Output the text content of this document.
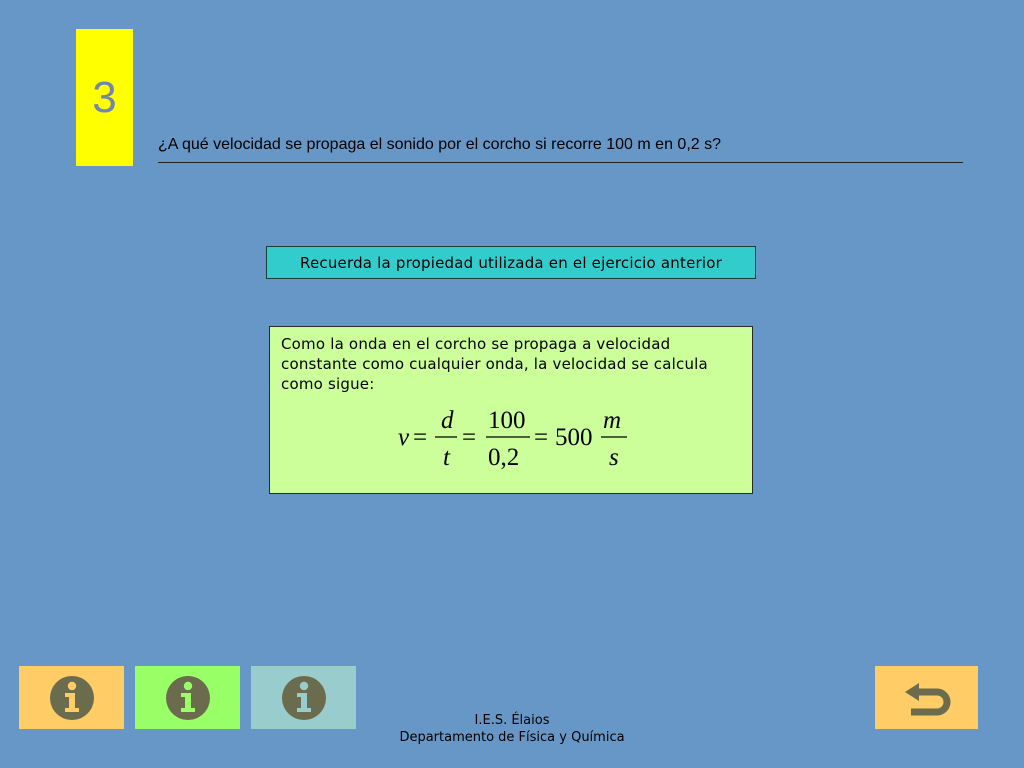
3
¿A qué velocidad se propaga el sonido por el corcho si recorre 100 m en 0,2 s?
Recuerda la propiedad utilizada en el ejercicio anterior
Como la onda en el corcho se propaga a velocidad constante como cualquier onda, la velocidad se calcula como sigue:
v =
d
t
=
100
0,2
= 500
m
s
I.E.S. Élaios
Departamento de Física y Química
